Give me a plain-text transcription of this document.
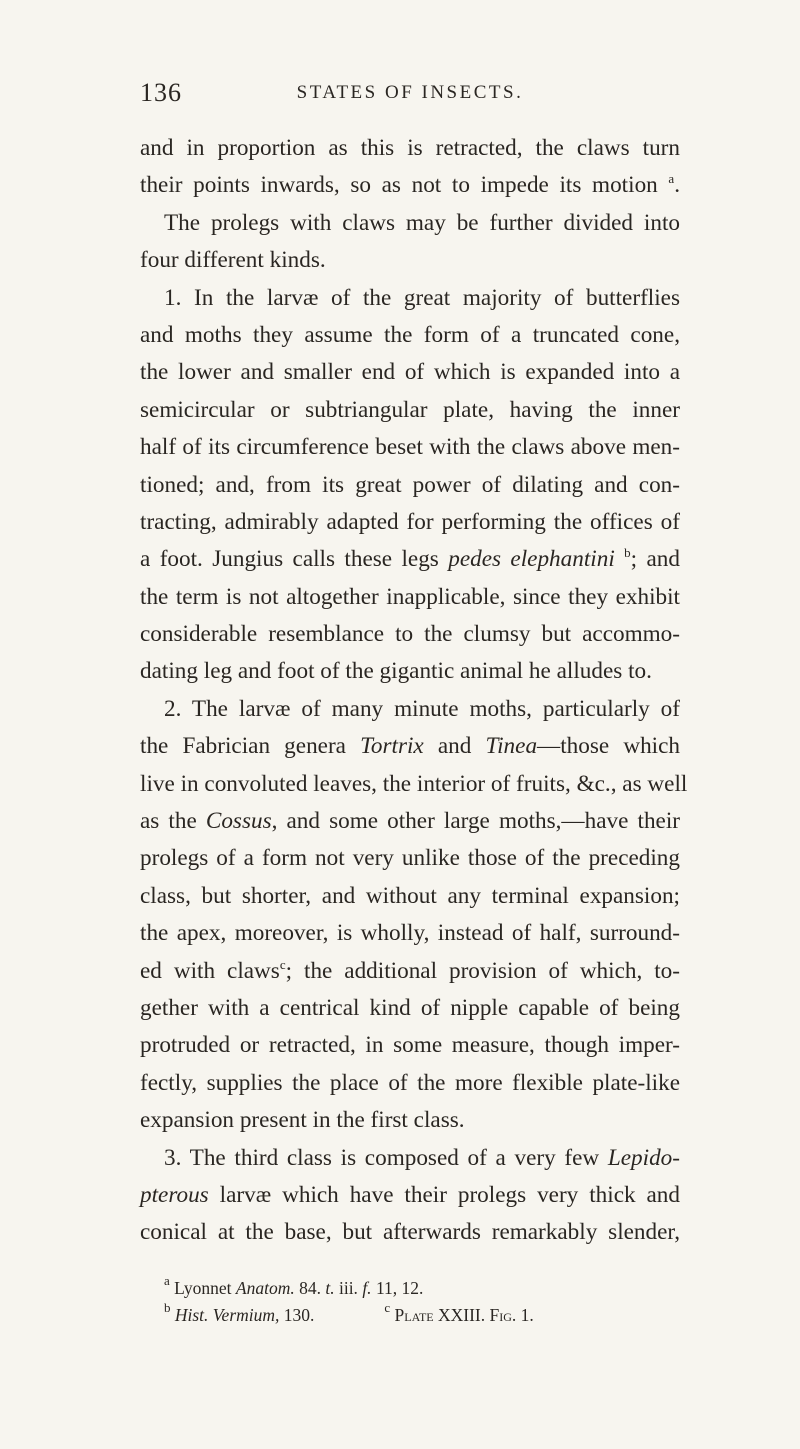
136	STATES OF INSECTS.
and in proportion as this is retracted, the claws turn
their points inwards, so as not to impede its motion $^a$.
The prolegs with claws may be further divided into
four different kinds.
1. In the larvæ of the great majority of butterflies
and moths they assume the form of a truncated cone,
the lower and smaller end of which is expanded into a
semicircular or subtriangular plate, having the inner
half of its circumference beset with the claws above men-
tioned; and, from its great power of dilating and con-
tracting, admirably adapted for performing the offices of
a foot. Jungius calls these legs pedes elephantini $^b$; and
the term is not altogether inapplicable, since they exhibit
considerable resemblance to the clumsy but accommo-
dating leg and foot of the gigantic animal he alludes to.
2. The larvæ of many minute moths, particularly of
the Fabrician genera Tortrix and Tinea—those which
live in convoluted leaves, the interior of fruits, &c., as well
as the Cossus, and some other large moths,—have their
prolegs of a form not very unlike those of the preceding
class, but shorter, and without any terminal expansion;
the apex, moreover, is wholly, instead of half, surround-
ed with claws$^c$; the additional provision of which, to-
gether with a centrical kind of nipple capable of being
protruded or retracted, in some measure, though imper-
fectly, supplies the place of the more flexible plate-like
expansion present in the first class.
3. The third class is composed of a very few Lepido-
pterous larvæ which have their prolegs very thick and
conical at the base, but afterwards remarkably slender,
$^a$ Lyonnet Anatom. 84. t. iii. f. 11, 12.
$^b$ Hist. Vermium, 130.	$^c$ Plate XXIII. Fig. 1.
